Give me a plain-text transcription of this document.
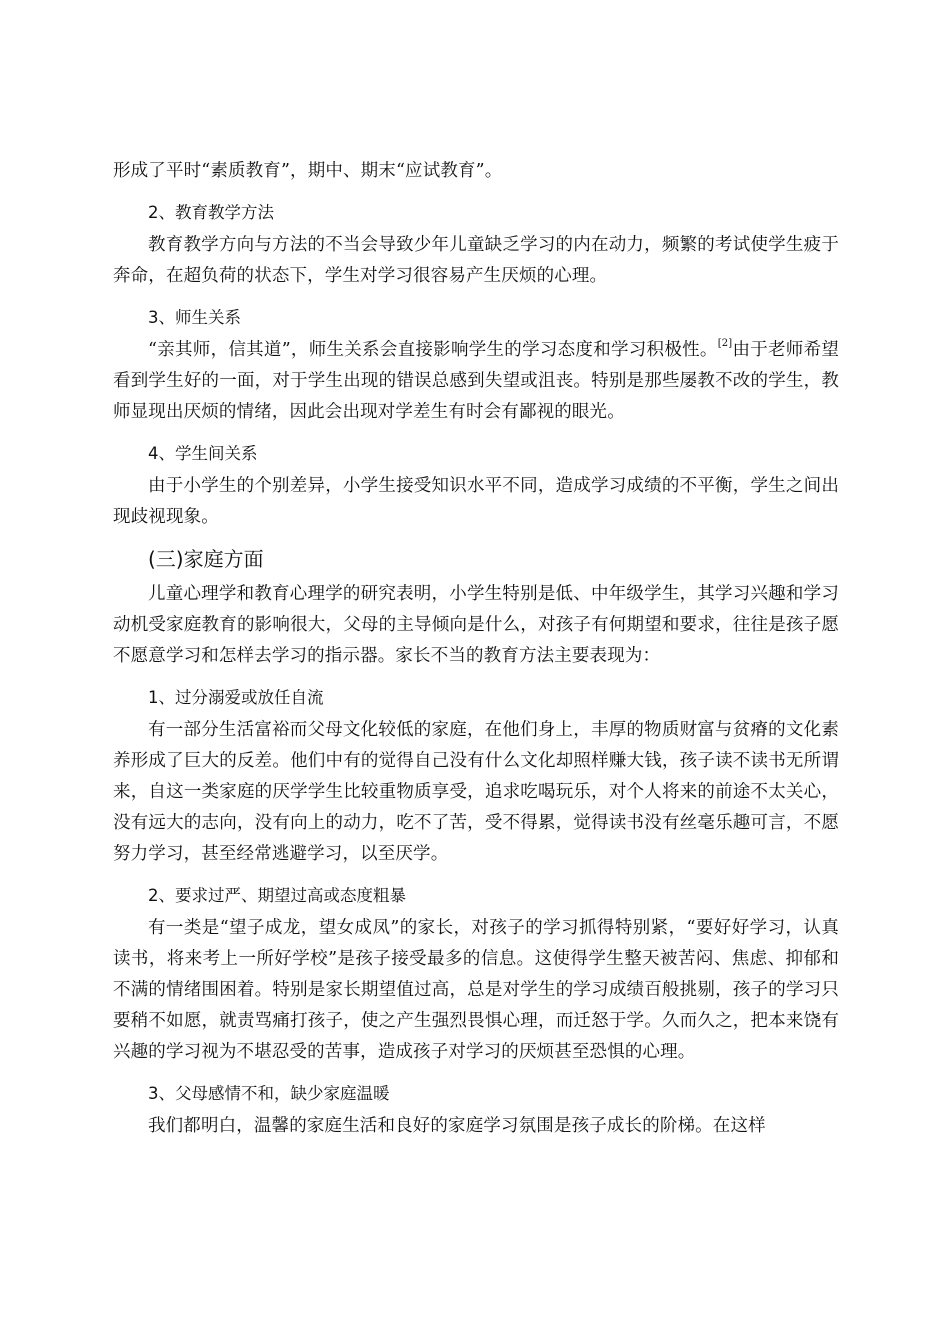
形成了平时“素质教育”，期中、期末“应试教育”。

2、教育教学方法

教育教学方向与方法的不当会导致少年儿童缺乏学习的内在动力，频繁的考试使学生疲于奔命，在超负荷的状态下，学生对学习很容易产生厌烦的心理。

3、师生关系

“亲其师，信其道”，师生关系会直接影响学生的学习态度和学习积极性。[2]由于老师希望看到学生好的一面，对于学生出现的错误总感到失望或沮丧。特别是那些屡教不改的学生，教师显现出厌烦的情绪，因此会出现对学差生有时会有鄙视的眼光。

4、学生间关系

由于小学生的个别差异，小学生接受知识水平不同，造成学习成绩的不平衡，学生之间出现歧视现象。

(三)家庭方面

儿童心理学和教育心理学的研究表明，小学生特别是低、中年级学生，其学习兴趣和学习动机受家庭教育的影响很大，父母的主导倾向是什么，对孩子有何期望和要求，往往是孩子愿不愿意学习和怎样去学习的指示器。家长不当的教育方法主要表现为：

1、过分溺爱或放任自流

有一部分生活富裕而父母文化较低的家庭，在他们身上，丰厚的物质财富与贫瘠的文化素养形成了巨大的反差。他们中有的觉得自己没有什么文化却照样赚大钱，孩子读不读书无所谓来，自这一类家庭的厌学学生比较重物质享受，追求吃喝玩乐，对个人将来的前途不太关心，没有远大的志向，没有向上的动力，吃不了苦，受不得累，觉得读书没有丝毫乐趣可言，不愿努力学习，甚至经常逃避学习，以至厌学。

2、要求过严、期望过高或态度粗暴

有一类是“望子成龙，望女成凤”的家长，对孩子的学习抓得特别紧，“要好好学习，认真读书，将来考上一所好学校”是孩子接受最多的信息。这使得学生整天被苦闷、焦虑、抑郁和不满的情绪围困着。特别是家长期望值过高，总是对学生的学习成绩百般挑剔，孩子的学习只要稍不如愿，就责骂痛打孩子，使之产生强烈畏惧心理，而迁怒于学。久而久之，把本来饶有兴趣的学习视为不堪忍受的苦事，造成孩子对学习的厌烦甚至恐惧的心理。

3、父母感情不和，缺少家庭温暖

我们都明白，温馨的家庭生活和良好的家庭学习氛围是孩子成长的阶梯。在这样
